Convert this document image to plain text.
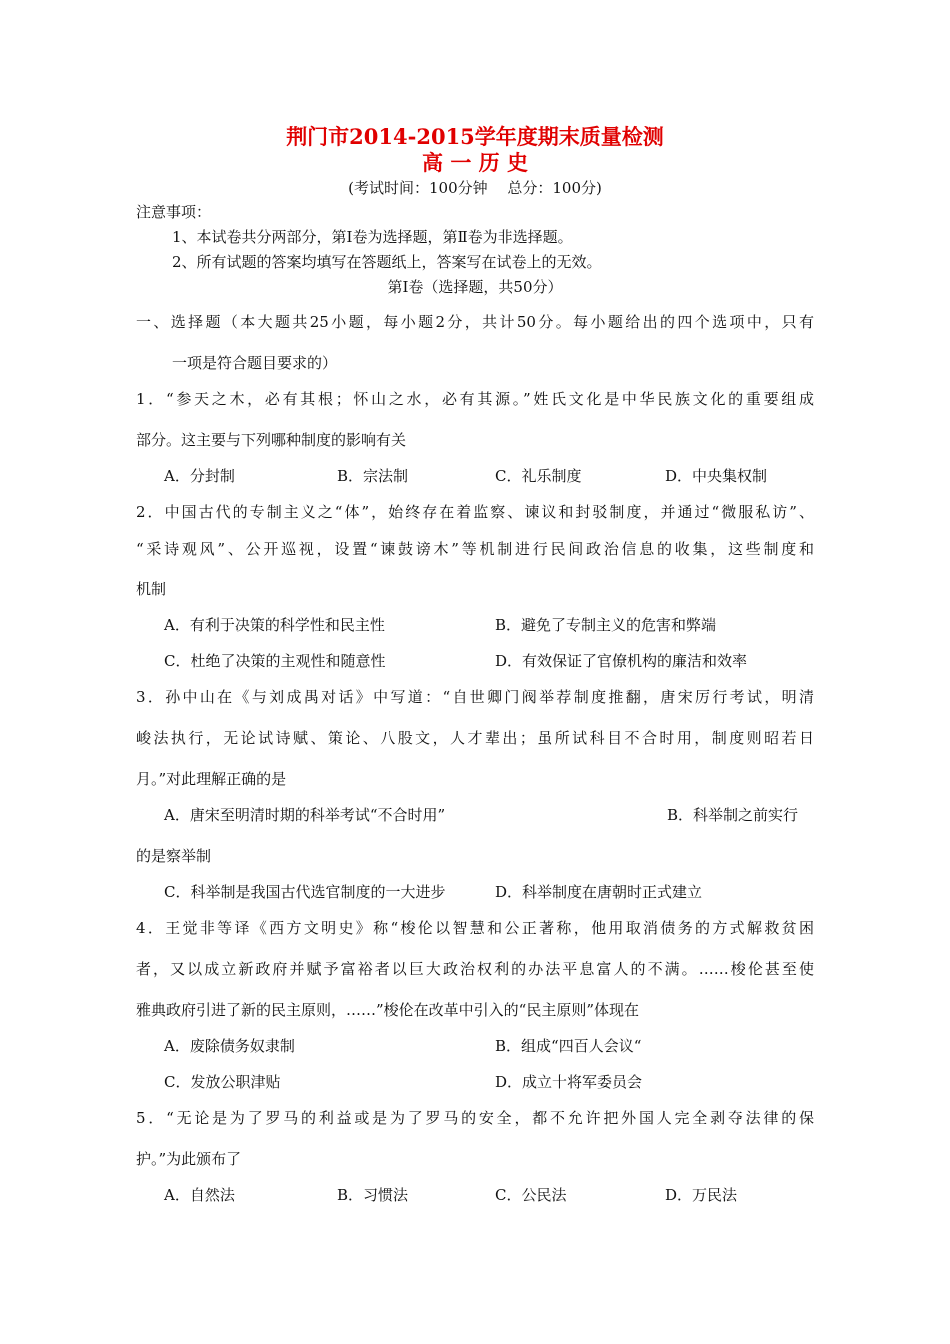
荆门市2014-2015学年度期末质量检测
高 一 历 史
(考试时间：100分钟　 总分：100分)
注意事项：
1、本试卷共分两部分，第Ⅰ卷为选择题，第Ⅱ卷为非选择题。
2、所有试题的答案均填写在答题纸上，答案写在试卷上的无效。
第Ⅰ卷（选择题，共50分）
一、选择题（本大题共25小题，每小题2分，共计50分。每小题给出的四个选项中，只有
一项是符合题目要求的）
1．“参天之木，必有其根；怀山之水，必有其源。”姓氏文化是中华民族文化的重要组成
部分。这主要与下列哪种制度的影响有关
A．分封制	B．宗法制	C．礼乐制度	D．中央集权制
2．中国古代的专制主义之“体”，始终存在着监察、谏议和封驳制度，并通过“微服私访”、
“采诗观风”、公开巡视，设置“谏鼓谤木”等机制进行民间政治信息的收集，这些制度和
机制
A．有利于决策的科学性和民主性	B．避免了专制主义的危害和弊端
C．杜绝了决策的主观性和随意性	D．有效保证了官僚机构的廉洁和效率
3．孙中山在《与刘成禺对话》中写道：“自世卿门阀举荐制度推翻，唐宋厉行考试，明清
峻法执行，无论试诗赋、策论、八股文，人才辈出；虽所试科目不合时用，制度则昭若日
月。”对此理解正确的是
A．唐宋至明清时期的科举考试“不合时用”	B．科举制之前实行
的是察举制
C．科举制是我国古代选官制度的一大进步	D．科举制度在唐朝时正式建立
4．王觉非等译《西方文明史》称“梭伦以智慧和公正著称，他用取消债务的方式解救贫困
者，又以成立新政府并赋予富裕者以巨大政治权利的办法平息富人的不满。……梭伦甚至使
雅典政府引进了新的民主原则，……”梭伦在改革中引入的“民主原则”体现在
A．废除债务奴隶制	B．组成“四百人会议“
C．发放公职津贴	D．成立十将军委员会
5．“无论是为了罗马的利益或是为了罗马的安全，都不允许把外国人完全剥夺法律的保
护。”为此颁布了
A．自然法	B．习惯法	C．公民法	D．万民法
